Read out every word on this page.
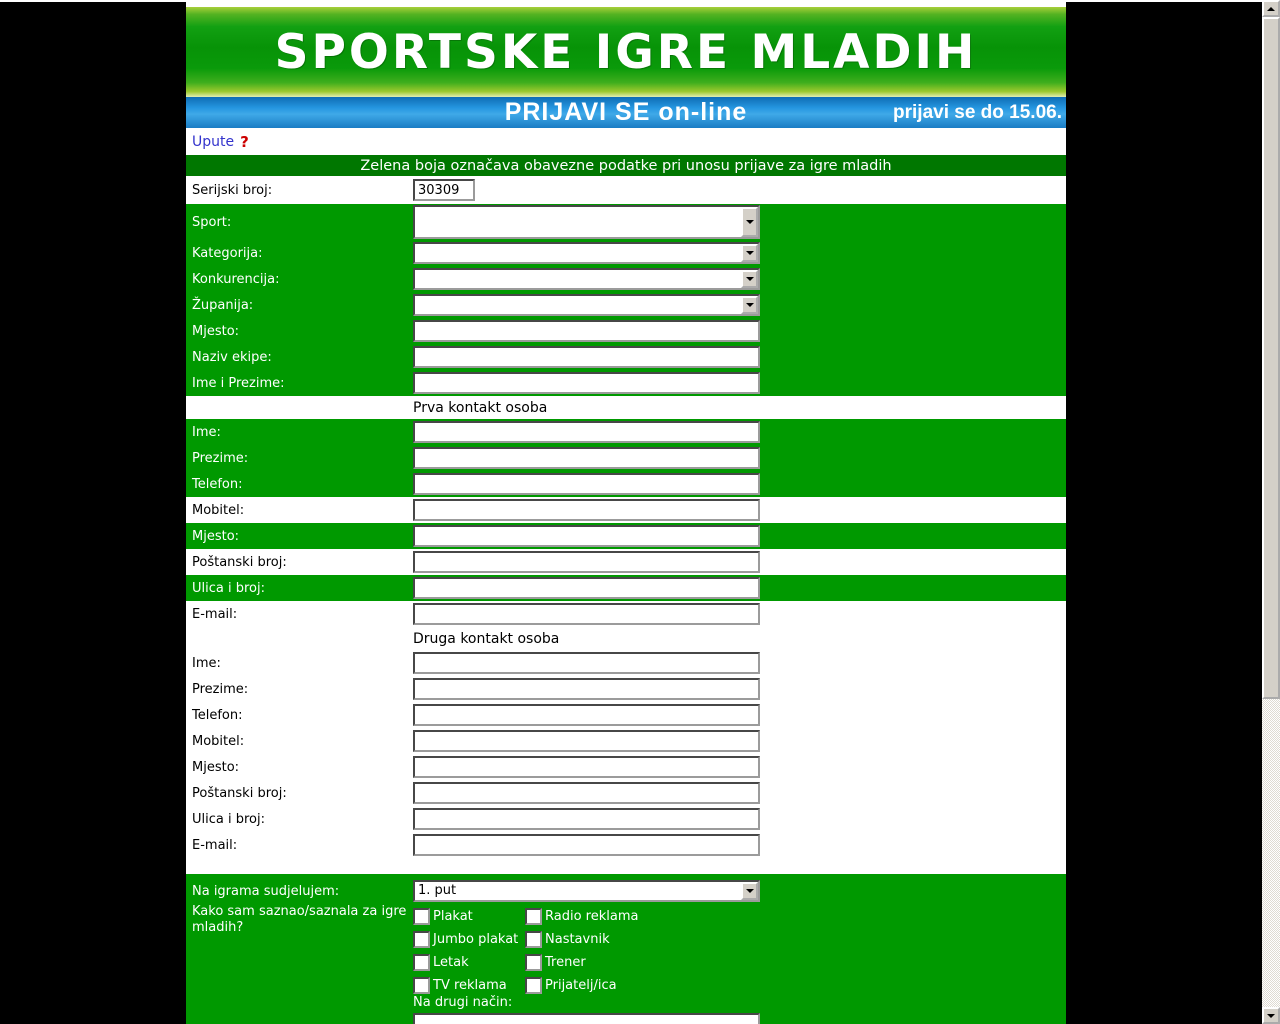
SPORTSKE IGRE MLADIH
PRIJAVI SE on-line	prijavi se do 15.06.
Upute ?
Zelena boja označava obavezne podatke pri unosu prijave za igre mladih
Serijski broj:
30309
Sport:
Kategorija:
Konkurencija:
Županija:
Mjesto:
Naziv ekipe:
Ime i Prezime:
Prva kontakt osoba
Ime:
Prezime:
Telefon:
Mobitel:
Mjesto:
Poštanski broj:
Ulica i broj:
E-mail:
Druga kontakt osoba
Ime:
Prezime:
Telefon:
Mobitel:
Mjesto:
Poštanski broj:
Ulica i broj:
E-mail:
Na igrama sudjelujem:	1. put
Kako sam saznao/saznala za igre mladih?
Plakat	Radio reklama
Jumbo plakat Nastavnik
Letak	Trener
TV reklama	Prijatelj/ica
Na drugi način:
